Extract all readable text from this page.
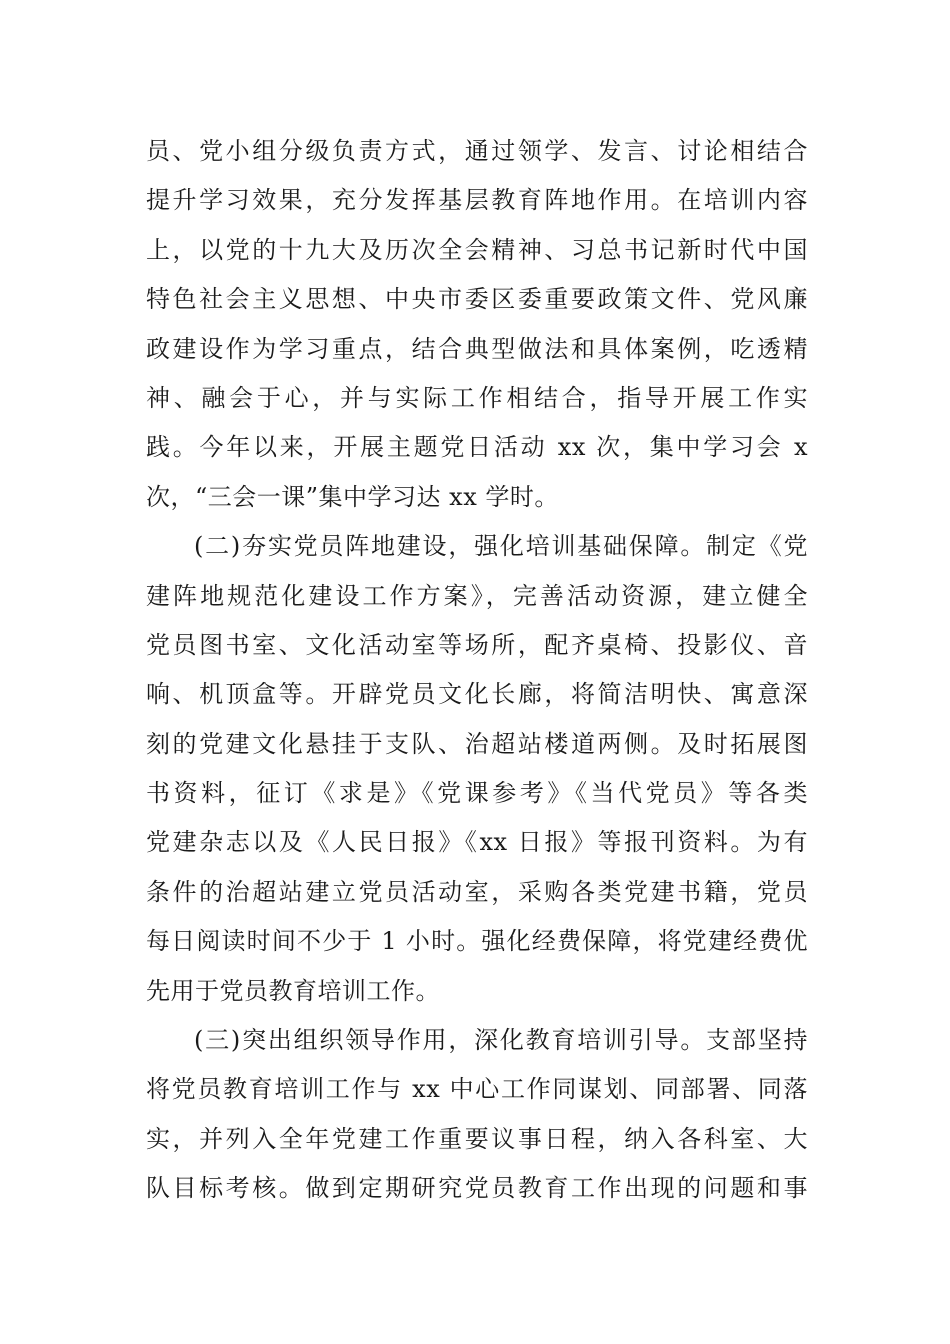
员、党小组分级负责方式，通过领学、发言、讨论相结合
提升学习效果，充分发挥基层教育阵地作用。在培训内容
上，以党的十九大及历次全会精神、习总书记新时代中国
特色社会主义思想、中央市委区委重要政策文件、党风廉
政建设作为学习重点，结合典型做法和具体案例，吃透精
神、融会于心，并与实际工作相结合，指导开展工作实
践。今年以来，开展主题党日活动 xx 次，集中学习会 x
次，“三会一课”集中学习达 xx 学时。
(二)夯实党员阵地建设，强化培训基础保障。制定《党
建阵地规范化建设工作方案》，完善活动资源，建立健全
党员图书室、文化活动室等场所，配齐桌椅、投影仪、音
响、机顶盒等。开辟党员文化长廊，将简洁明快、寓意深
刻的党建文化悬挂于支队、治超站楼道两侧。及时拓展图
书资料，征订《求是》《党课参考》《当代党员》等各类
党建杂志以及《人民日报》《xx 日报》等报刊资料。为有
条件的治超站建立党员活动室，采购各类党建书籍，党员
每日阅读时间不少于 1 小时。强化经费保障，将党建经费优
先用于党员教育培训工作。
(三)突出组织领导作用，深化教育培训引导。支部坚持
将党员教育培训工作与 xx 中心工作同谋划、同部署、同落
实，并列入全年党建工作重要议事日程，纳入各科室、大
队目标考核。做到定期研究党员教育工作出现的问题和事
